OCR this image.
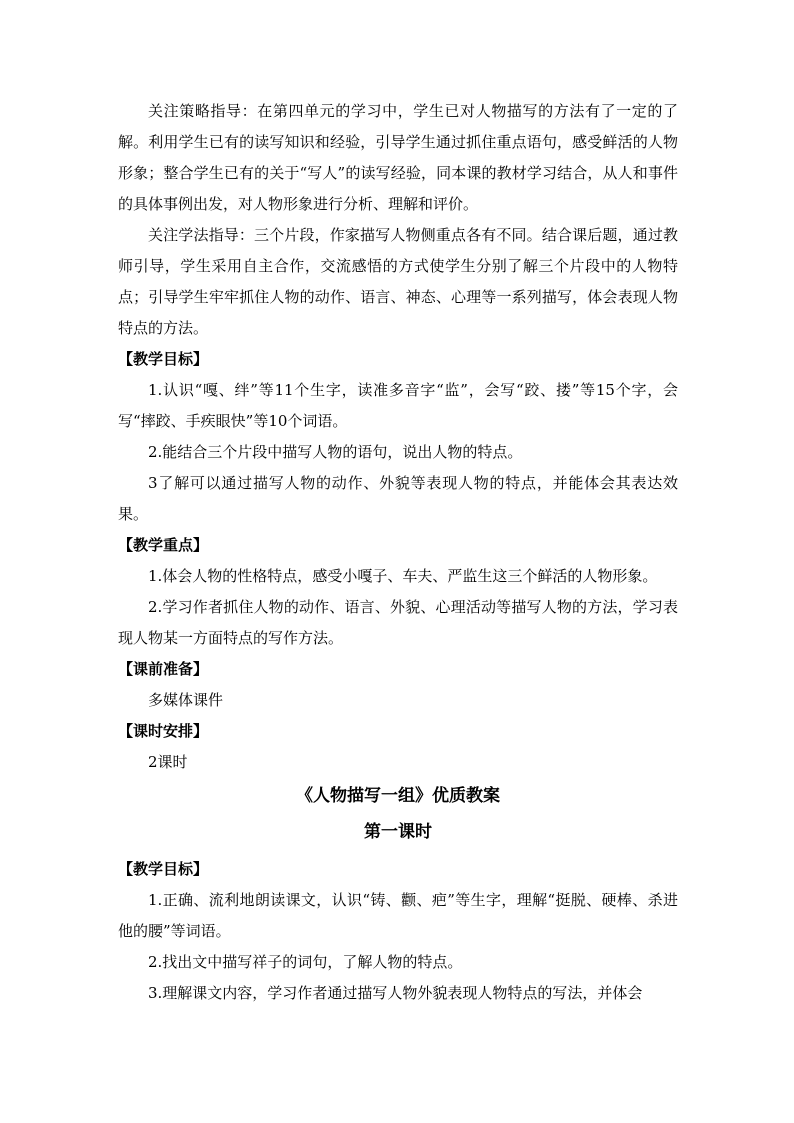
关注策略指导：在第四单元的学习中，学生已对人物描写的方法有了一定的了解。利用学生已有的读写知识和经验，引导学生通过抓住重点语句，感受鲜活的人物形象；整合学生已有的关于“写人”的读写经验，同本课的教材学习结合，从人和事件的具体事例出发，对人物形象进行分析、理解和评价。

关注学法指导：三个片段，作家描写人物侧重点各有不同。结合课后题，通过教师引导，学生采用自主合作，交流感悟的方式使学生分别了解三个片段中的人物特点；引导学生牢牢抓住人物的动作、语言、神态、心理等一系列描写，体会表现人物特点的方法。

【教学目标】

1.认识“嘎、绊”等11个生字，读准多音字“监”，会写“跤、搂”等15个字，会写“摔跤、手疾眼快”等10个词语。

2.能结合三个片段中描写人物的语句，说出人物的特点。

3了解可以通过描写人物的动作、外貌等表现人物的特点，并能体会其表达效果。

【教学重点】

1.体会人物的性格特点，感受小嘎子、车夫、严监生这三个鲜活的人物形象。

2.学习作者抓住人物的动作、语言、外貌、心理活动等描写人物的方法，学习表现人物某一方面特点的写作方法。

【课前准备】

多媒体课件

【课时安排】

2课时

《人物描写一组》优质教案

第一课时

【教学目标】

1.正确、流利地朗读课文，认识“铸、颧、疤”等生字，理解“挺脱、硬棒、杀进他的腰”等词语。

2.找出文中描写祥子的词句，了解人物的特点。

3.理解课文内容，学习作者通过描写人物外貌表现人物特点的写法，并体会
